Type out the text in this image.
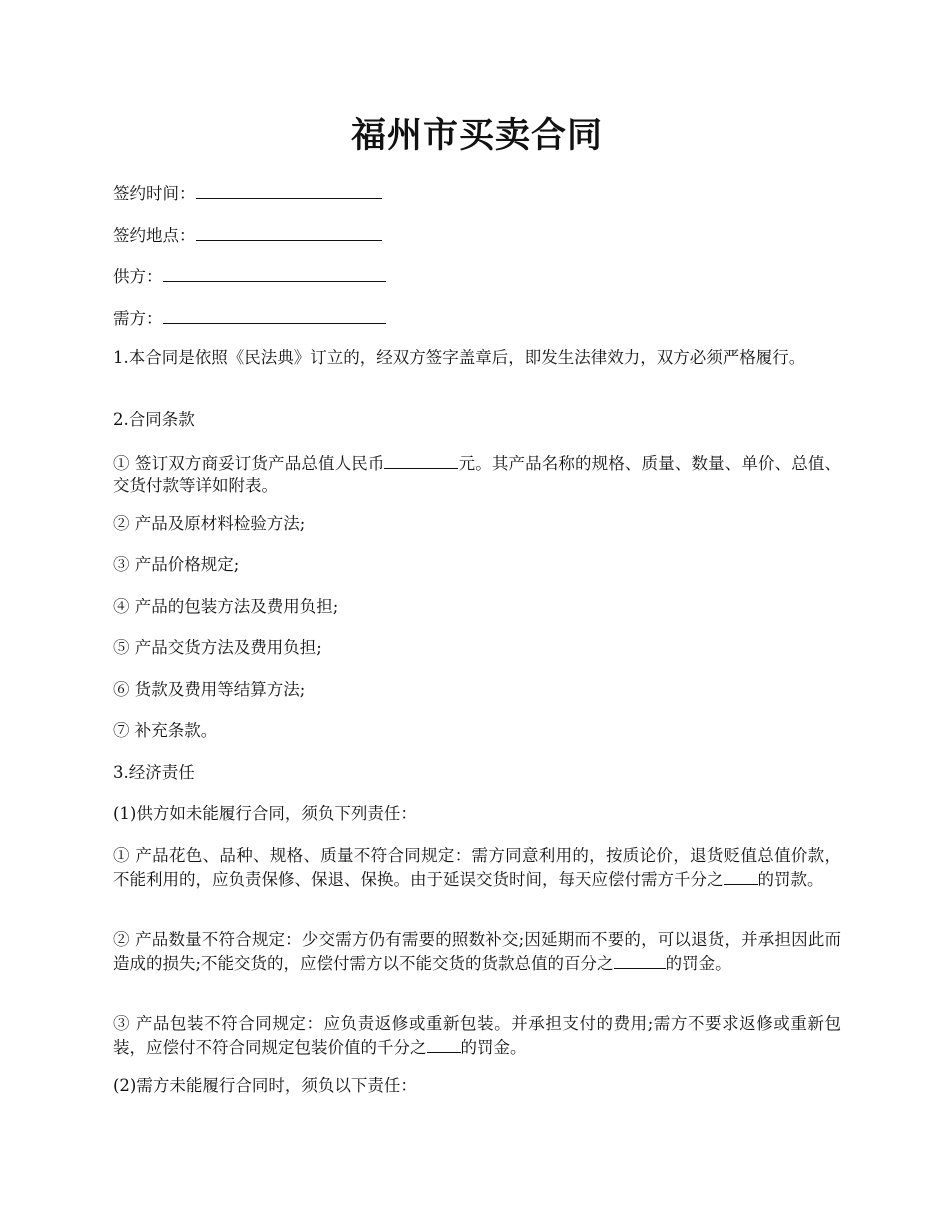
福州市买卖合同
签约时间：
签约地点：
供方：
需方：
1.本合同是依照《民法典》订立的，经双方签字盖章后，即发生法律效力，双方必须严格履行。
2.合同条款
① 签订双方商妥订货产品总值人民币	元。其产品名称的规格、质量、数量、单价、总值、交货付款等详如附表。
② 产品及原材料检验方法;
③ 产品价格规定;
④ 产品的包装方法及费用负担;
⑤ 产品交货方法及费用负担;
⑥ 货款及费用等结算方法;
⑦ 补充条款。
3.经济责任
(1)供方如未能履行合同，须负下列责任：
① 产品花色、品种、规格、质量不符合同规定：需方同意利用的，按质论价，退货贬值总值价款，不能利用的，应负责保修、保退、保换。由于延误交货时间，每天应偿付需方千分之 的罚款。
② 产品数量不符合规定：少交需方仍有需要的照数补交;因延期而不要的，可以退货，并承担因此而造成的损失;不能交货的，应偿付需方以不能交货的货款总值的百分之	的罚金。
③ 产品包装不符合同规定：应负责返修或重新包装。并承担支付的费用;需方不要求返修或重新包装，应偿付不符合同规定包装价值的千分之 的罚金。
(2)需方未能履行合同时，须负以下责任：
